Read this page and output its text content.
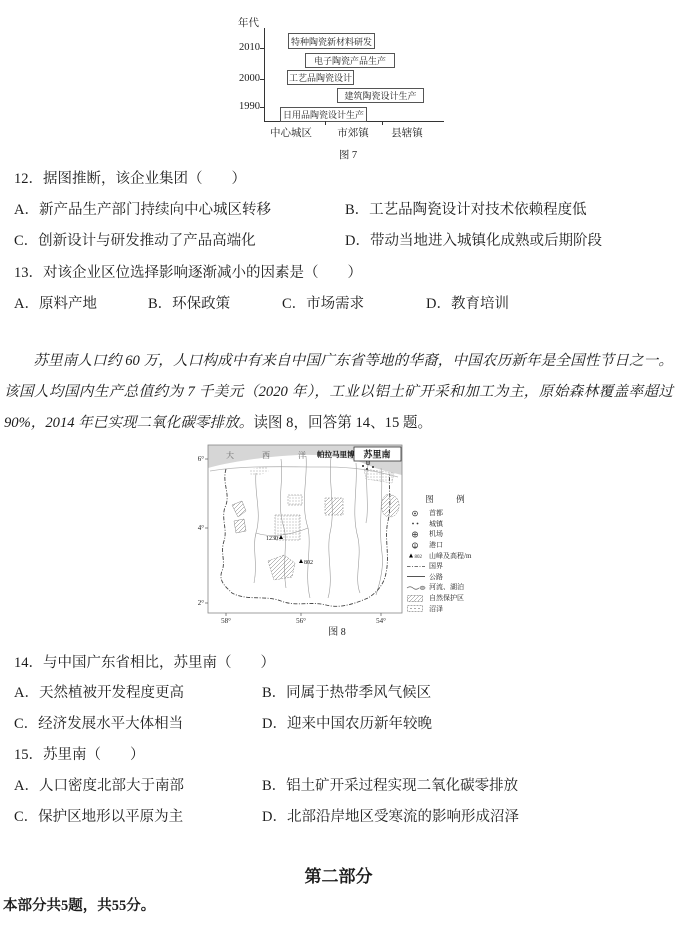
年代
2010
2000
1990
特种陶瓷新材料研发
电子陶瓷产品生产
工艺品陶瓷设计
建筑陶瓷设计生产
日用品陶瓷设计生产
中心城区 市郊镇 县辖镇
图 7
12．据图推断，该企业集团（　　）
A．新产品生产部门持续向中心城区转移	B．工艺品陶瓷设计对技术依赖程度低
C．创新设计与研发推动了产品高端化	D．带动当地进入城镇化成熟或后期阶段
13．对该企业区位选择影响逐渐减小的因素是（　　）
A．原料产地	B．环保政策	C．市场需求	D．教育培训
苏里南人口约 60 万，人口构成中有来自中国广东省等地的华裔，中国农历新年是全国性节日之一。该国人均国内生产总值约为 7 千美元（2020 年），工业以铝土矿开采和加工为主，原始森林覆盖率超过 90%，2014 年已实现二氧化碳零排放。读图 8，回答第 14、15 题。
1230
802
苏里南
大 西 洋
帕拉马里博
6°
4°
2°
58°	56°	54°
图　例
首都
城镇
机场
港口
802 山峰及高程/m
国界
公路
河流、湖泊
自然保护区
沼泽
图 8
14．与中国广东省相比，苏里南（　　）
A．天然植被开发程度更高	B．同属于热带季风气候区
C．经济发展水平大体相当	D．迎来中国农历新年较晚
15．苏里南（　　）
A．人口密度北部大于南部	B．铝土矿开采过程实现二氧化碳零排放
C．保护区地形以平原为主	D．北部沿岸地区受寒流的影响形成沼泽
第二部分
本部分共5题，共55分。
